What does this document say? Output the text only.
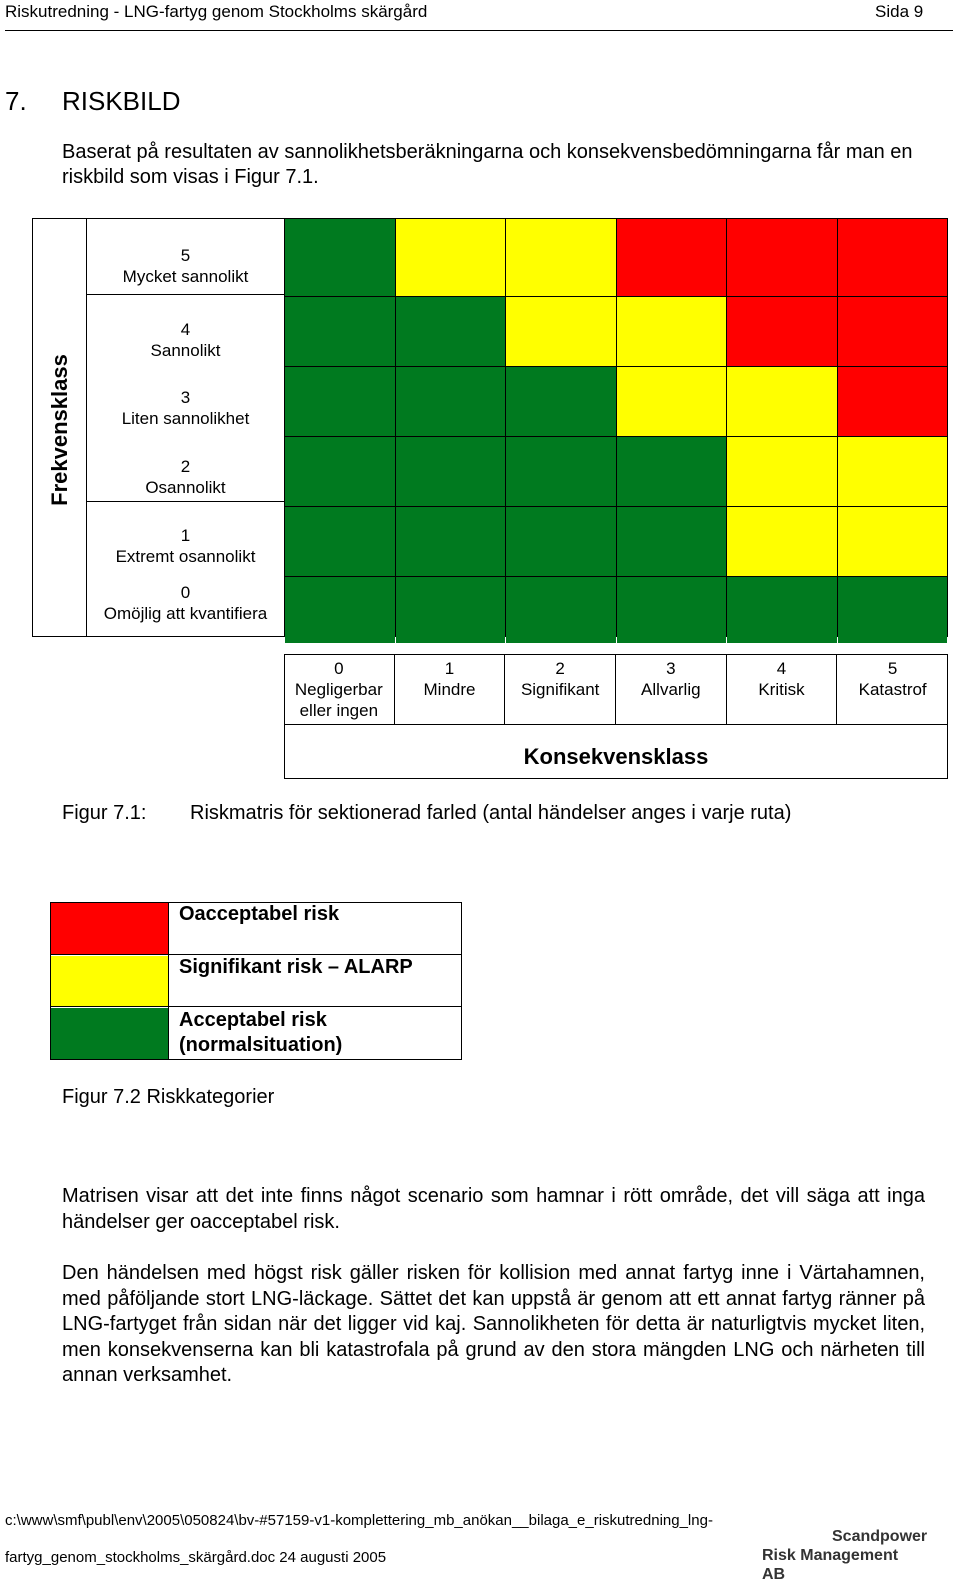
Riskutredning - LNG-fartyg genom Stockholms skärgård	Sida 9
7. RISKBILD
Baserat på resultaten av sannolikhetsberäkningarna och konsekvensbedömningarna får man en riskbild som visas i Figur 7.1.
Frekvensklass
5
Mycket sannolikt
4
Sannolikt
3
Liten sannolikhet
2
Osannolikt
1
Extremt osannolikt
0
Omöjlig att kvantifiera
0
Negligerbar
eller ingen
1
Mindre
2
Signifikant
3
Allvarlig
4
Kritisk
5
Katastrof
Konsekvensklass
Figur 7.1: Riskmatris för sektionerad farled (antal händelser anges i varje ruta)
Oacceptabel risk
Signifikant risk – ALARP
Acceptabel risk
(normalsituation)
Figur 7.2 Riskkategorier
Matrisen visar att det inte finns något scenario som hamnar i rött område, det vill säga att inga händelser ger oacceptabel risk.
Den händelsen med högst risk gäller risken för kollision med annat fartyg inne i Värtahamnen, med påföljande stort LNG-läckage. Sättet det kan uppstå är genom att ett annat fartyg ränner på LNG-fartyget från sidan när det ligger vid kaj. Sannolikheten för detta är naturligtvis mycket liten, men konsekvenserna kan bli katastrofala på grund av den stora mängden LNG och närheten till annan verksamhet.
c:\www\smf\publ\env\2005\050824\bv-#57159-v1-komplettering_mb_anökan__bilaga_e_riskutredning_lng-
fartyg_genom_stockholms_skärgård.doc 24 augusti 2005
Scandpower
Risk Management AB
